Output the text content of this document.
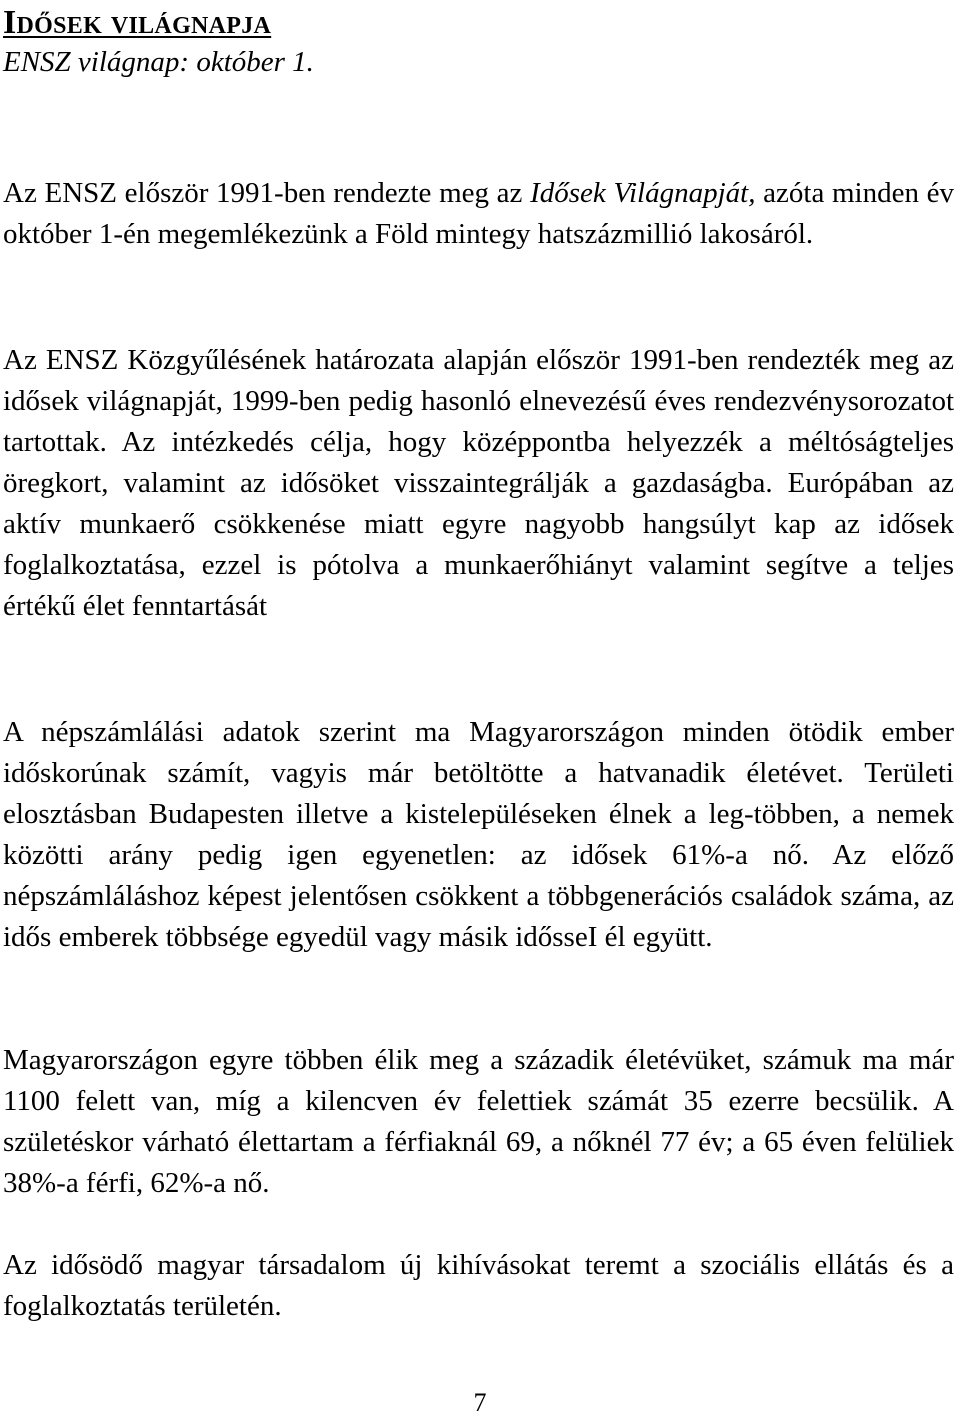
Idősek világnapja

ENSZ világnap: október 1.

Az ENSZ először 1991-ben rendezte meg az Idősek Világnapját, azóta minden év október 1-én megemlékezünk a Föld mintegy hatszázmillió lakosáról.

Az ENSZ Közgyűlésének határozata alapján először 1991-ben rendezték meg az idősek világnapját, 1999-ben pedig hasonló elnevezésű éves rendezvénysorozatot tartottak. Az intézkedés célja, hogy középpontba helyezzék a méltóságteljes öregkort, valamint az idősöket visszaintegrálják a gazdaságba. Európában az aktív munkaerő csökkenése miatt egyre nagyobb hangsúlyt kap az idősek foglalkoztatása, ezzel is pótolva a munkaerőhiányt valamint segítve a teljes értékű élet fenntartását

A népszámlálási adatok szerint ma Magyarországon minden ötödik ember időskorúnak számít, vagyis már betöltötte a hatvanadik életévet. Területi elosztásban Budapesten illetve a kistelepüléseken élnek a leg-többen, a nemek közötti arány pedig igen egyenetlen: az idősek 61%-a nő. Az előző népszámláláshoz képest jelentősen csökkent a többgenerációs családok száma, az idős emberek többsége egyedül vagy másik idősseI él együtt.

Magyarországon egyre többen élik meg a századik életévüket, számuk ma már 1100 felett van, míg a kilencven év felettiek számát 35 ezerre becsülik. A születéskor várható élettartam a férfiaknál 69, a nőknél 77 év; a 65 éven felüliek 38%-a férfi, 62%-a nő.

Az idősödő magyar társadalom új kihívásokat teremt a szociális ellátás és a foglalkoztatás területén.

7
